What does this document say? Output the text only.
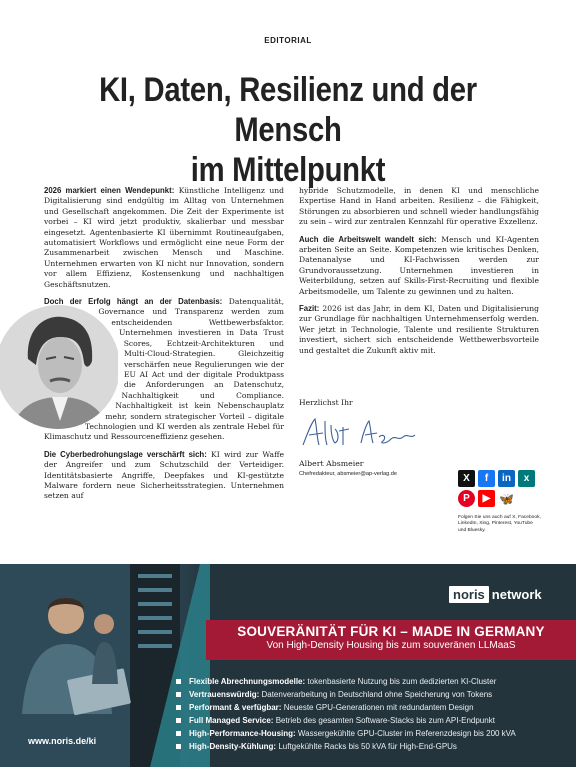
EDITORIAL
KI, Daten, Resilienz und der Mensch
im Mittelpunkt

2026 markiert einen Wendepunkt: Künstliche Intelligenz und Digitalisierung sind endgültig im Alltag von Unternehmen und Gesellschaft angekommen. Die Zeit der Experimente ist vorbei – KI wird jetzt produktiv, skalierbar und messbar eingesetzt. Agentenbasierte KI übernimmt Routineaufgaben, automatisiert Workflows und ermöglicht eine neue Form der Zusammenarbeit zwischen Mensch und Maschine. Unternehmen erwarten von KI nicht nur Innovation, sondern vor allem Effizienz, Kostensenkung und nachhaltigen Geschäftsnutzen.

Doch der Erfolg hängt an der Datenbasis: Datenqualität, Governance und Transparenz werden zum entscheidenden Wettbewerbsfaktor. Unternehmen investieren in Data Trust Scores, Echtzeit-Architekturen und Multi-Cloud-Strategien. Gleichzeitig verschärfen neue Regulierungen wie der EU AI Act und der digitale Produktpass die Anforderungen an Datenschutz, Nachhaltigkeit und Compliance. Nachhaltigkeit ist kein Nebenschauplatz mehr, sondern strategischer Vorteil – digitale Technologien und KI werden als zentrale Hebel für Klimaschutz und Ressourceneffizienz gesehen.

Die Cyberbedrohungslage verschärft sich: KI wird zur Waffe der Angreifer und zum Schutzschild der Verteidiger. Identitätsbasierte Angriffe, Deepfakes und KI-gestützte Malware fordern neue Sicherheitsstrategien. Unternehmen setzen auf

hybride Schutzmodelle, in denen KI und menschliche Expertise Hand in Hand arbeiten. Resilienz – die Fähigkeit, Störungen zu absorbieren und schnell wieder handlungsfähig zu sein – wird zur zentralen Kennzahl für operative Exzellenz.

Auch die Arbeitswelt wandelt sich: Mensch und KI-Agenten arbeiten Seite an Seite. Kompetenzen wie kritisches Denken, Datenanalyse und KI-Fachwissen werden zur Grundvoraussetzung. Unternehmen investieren in Weiterbildung, setzen auf Skills-First-Recruiting und flexible Arbeitsmodelle, um Talente zu gewinnen und zu halten.

Fazit: 2026 ist das Jahr, in dem KI, Daten und Digitalisierung zur Grundlage für nachhaltigen Unternehmenserfolg werden. Wer jetzt in Technologie, Talente und resiliente Strukturen investiert, sichert sich entscheidende Wettbewerbsvorteile und gestaltet die Zukunft aktiv mit.

Herzlichst Ihr
Albert Absmeier
Chefredakteur, absmeier@ap-verlag.de	X	f	in	x
P	▶ 🦋
Folgen Sie uns auch auf X, Facebook, LinkedIn, Xing, Pinterest, YouTube und Bluesky.
www.noris.de/ki
noris network
SOUVERÄNITÄT FÜR KI – MADE IN GERMANY
Von High-Density Housing bis zum souveränen LLMaaS
Flexible Abrechnungsmodelle: tokenbasierte Nutzung bis zum dedizierten KI-Cluster
Vertrauenswürdig: Datenverarbeitung in Deutschland ohne Speicherung von Tokens
Performant & verfügbar: Neueste GPU-Generationen mit redundantem Design
Full Managed Service: Betrieb des gesamten Software-Stacks bis zum API-Endpunkt
High-Performance-Housing: Wassergekühlte GPU-Cluster im Referenzdesign bis 200 kVA
High-Density-Kühlung: Luftgekühlte Racks bis 50 kVA für High-End-GPUs
